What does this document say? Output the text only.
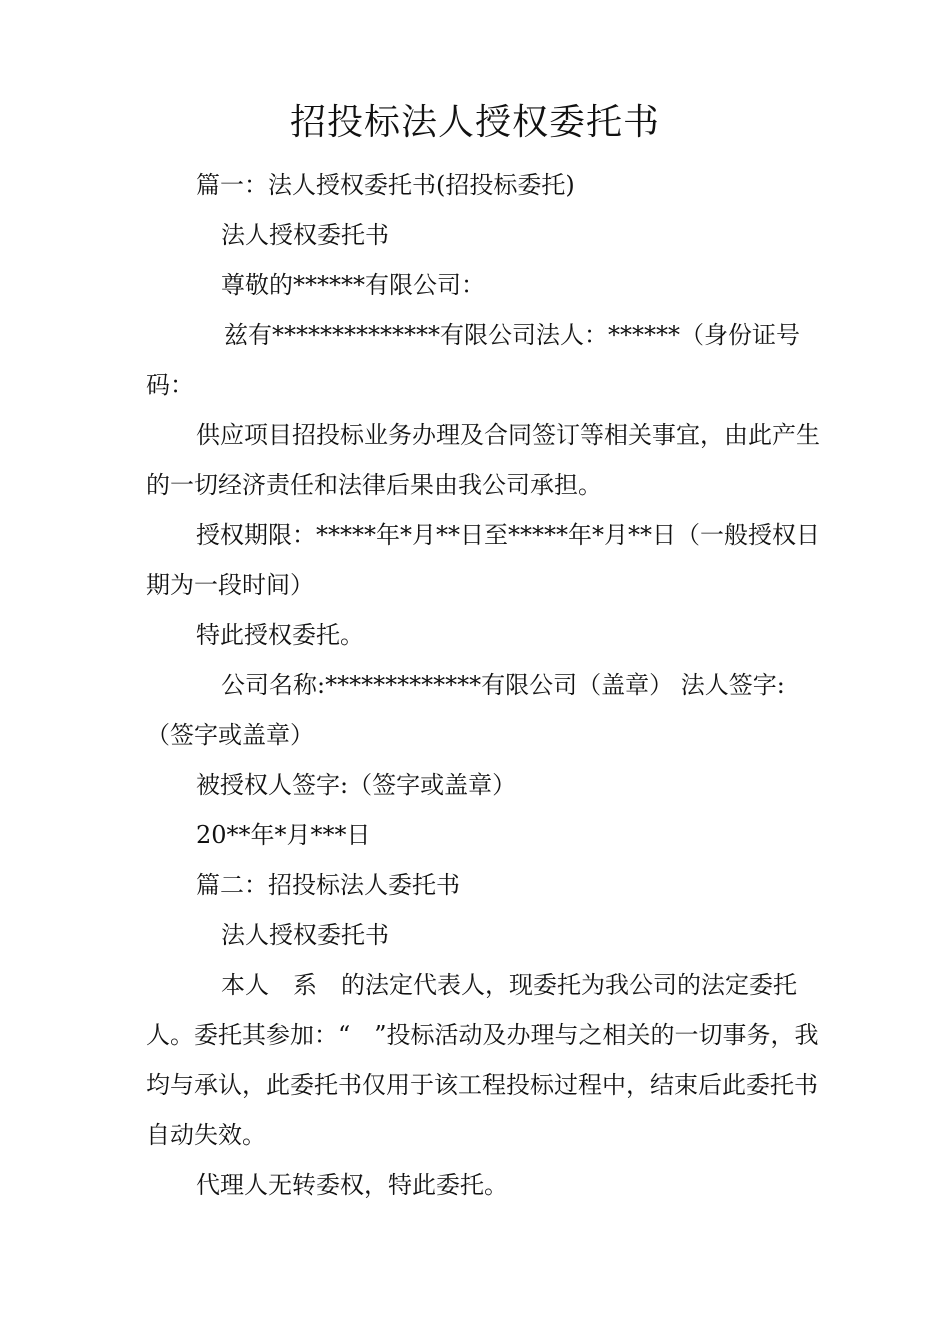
招投标法人授权委托书

篇一：法人授权委托书(招投标委托)

法人授权委托书

尊敬的******有限公司：

兹有**************有限公司法人：******（身份证号码：

供应项目招投标业务办理及合同签订等相关事宜，由此产生的一切经济责任和法律后果由我公司承担。

授权期限：*****年*月**日至*****年*月**日（一般授权日期为一段时间）

特此授权委托。

公司名称:*************有限公司（盖章） 法人签字:（签字或盖章）

被授权人签字:（签字或盖章）

20**年*月***日

篇二：招投标法人委托书

法人授权委托书

本人　系　的法定代表人，现委托为我公司的法定委托人。委托其参加：“　”投标活动及办理与之相关的一切事务，我均与承认，此委托书仅用于该工程投标过程中，结束后此委托书自动失效。

代理人无转委权，特此委托。
